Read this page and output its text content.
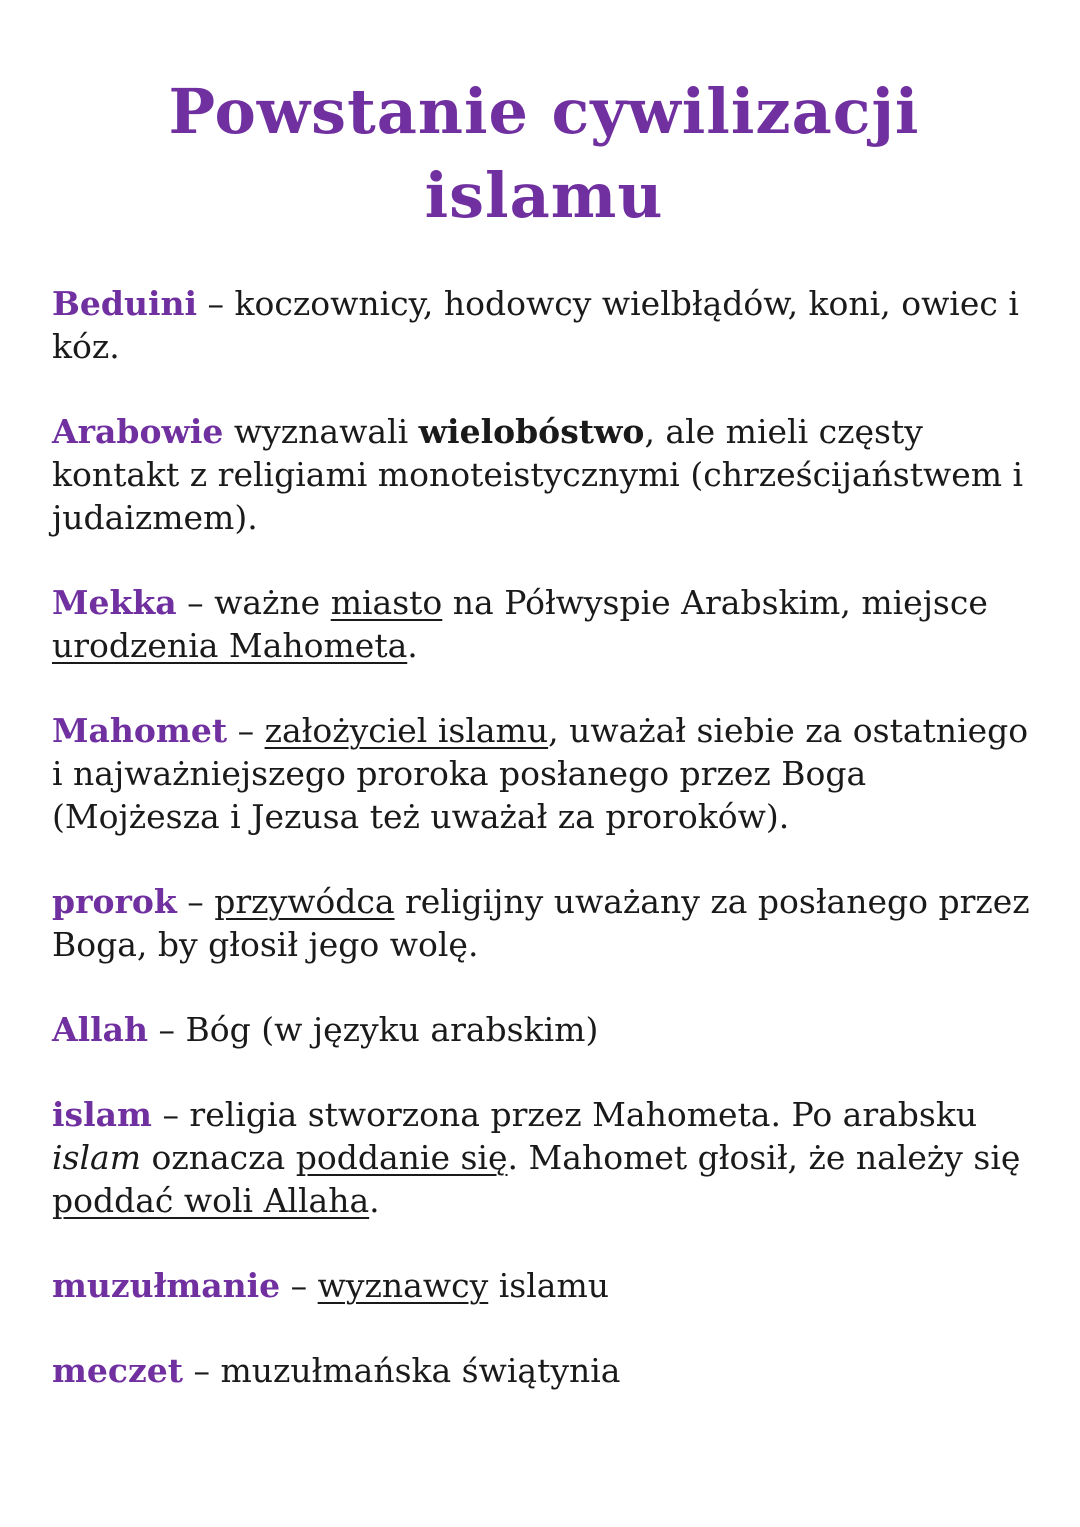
Powstanie cywilizacji
islamu

Beduini – koczownicy, hodowcy wielbłądów, koni, owiec i kóz.

Arabowie wyznawali wielobóstwo, ale mieli częsty kontakt z religiami monoteistycznymi (chrześcijaństwem i judaizmem).

Mekka – ważne miasto na Półwyspie Arabskim, miejsce urodzenia Mahometa.

Mahomet – założyciel islamu, uważał siebie za ostatniego i najważniejszego proroka posłanego przez Boga (Mojżesza i Jezusa też uważał za proroków).

prorok – przywódca religijny uważany za posłanego przez Boga, by głosił jego wolę.

Allah – Bóg (w języku arabskim)

islam – religia stworzona przez Mahometa. Po arabsku islam oznacza poddanie się. Mahomet głosił, że należy się poddać woli Allaha.

muzułmanie – wyznawcy islamu

meczet – muzułmańska świątynia
